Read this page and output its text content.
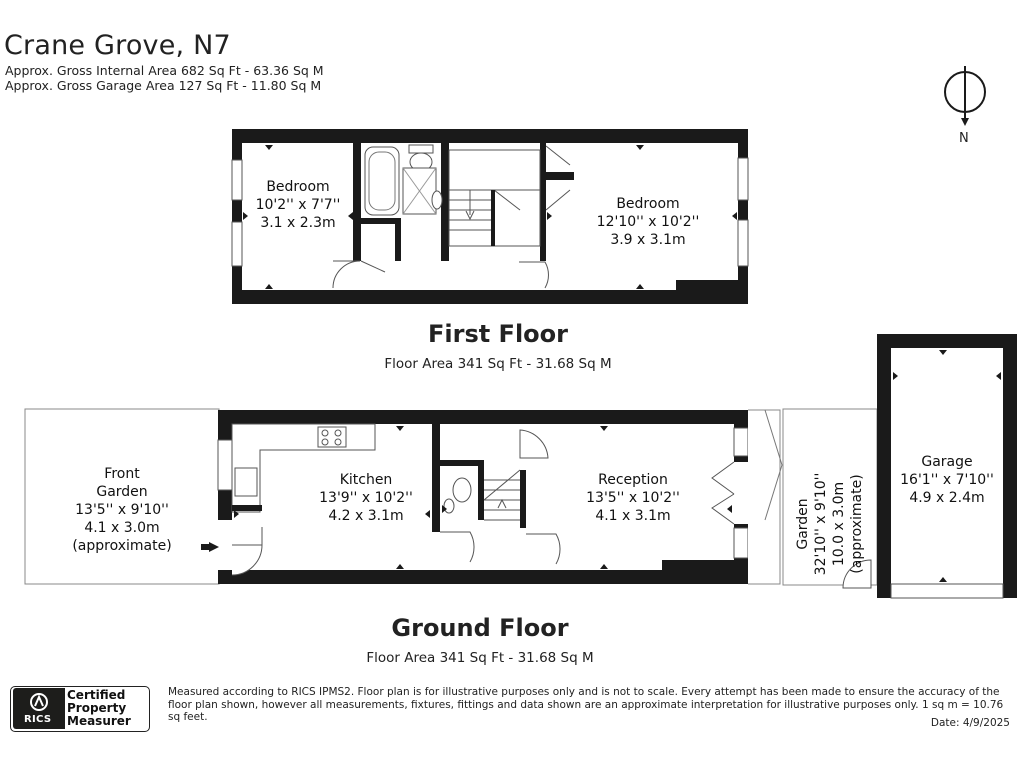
Crane Grove, N7
Approx. Gross Internal Area 682 Sq Ft - 63.36 Sq M
Approx. Gross Garage Area 127 Sq Ft - 11.80 Sq M
N
Bedroom
10'2'' x 7'7''
3.1 x 2.3m
Bedroom
12'10'' x 10'2''
3.9 x 3.1m
First Floor
Floor Area 341 Sq Ft - 31.68 Sq M
Front
Garden
13'5'' x 9'10''
4.1 x 3.0m
(approximate)
Kitchen
13'9'' x 10'2''
4.2 x 3.1m
Reception
13'5'' x 10'2''
4.1 x 3.1m	Garden 32'10'' x 9'10'' 10.0 x 3.0m (approximate)
Garage
16'1'' x 7'10''
4.9 x 2.4m
Ground Floor
Floor Area 341 Sq Ft - 31.68 Sq M
RICS
Certified
Property
Measurer
Measured according to RICS IPMS2. Floor plan is for illustrative purposes only and is not to scale. Every attempt has been made to ensure the accuracy of the floor plan shown, however all measurements, fixtures, fittings and data shown are an approximate interpretation for illustrative purposes only. 1 sq m = 10.76 sq feet.	Date: 4/9/2025
